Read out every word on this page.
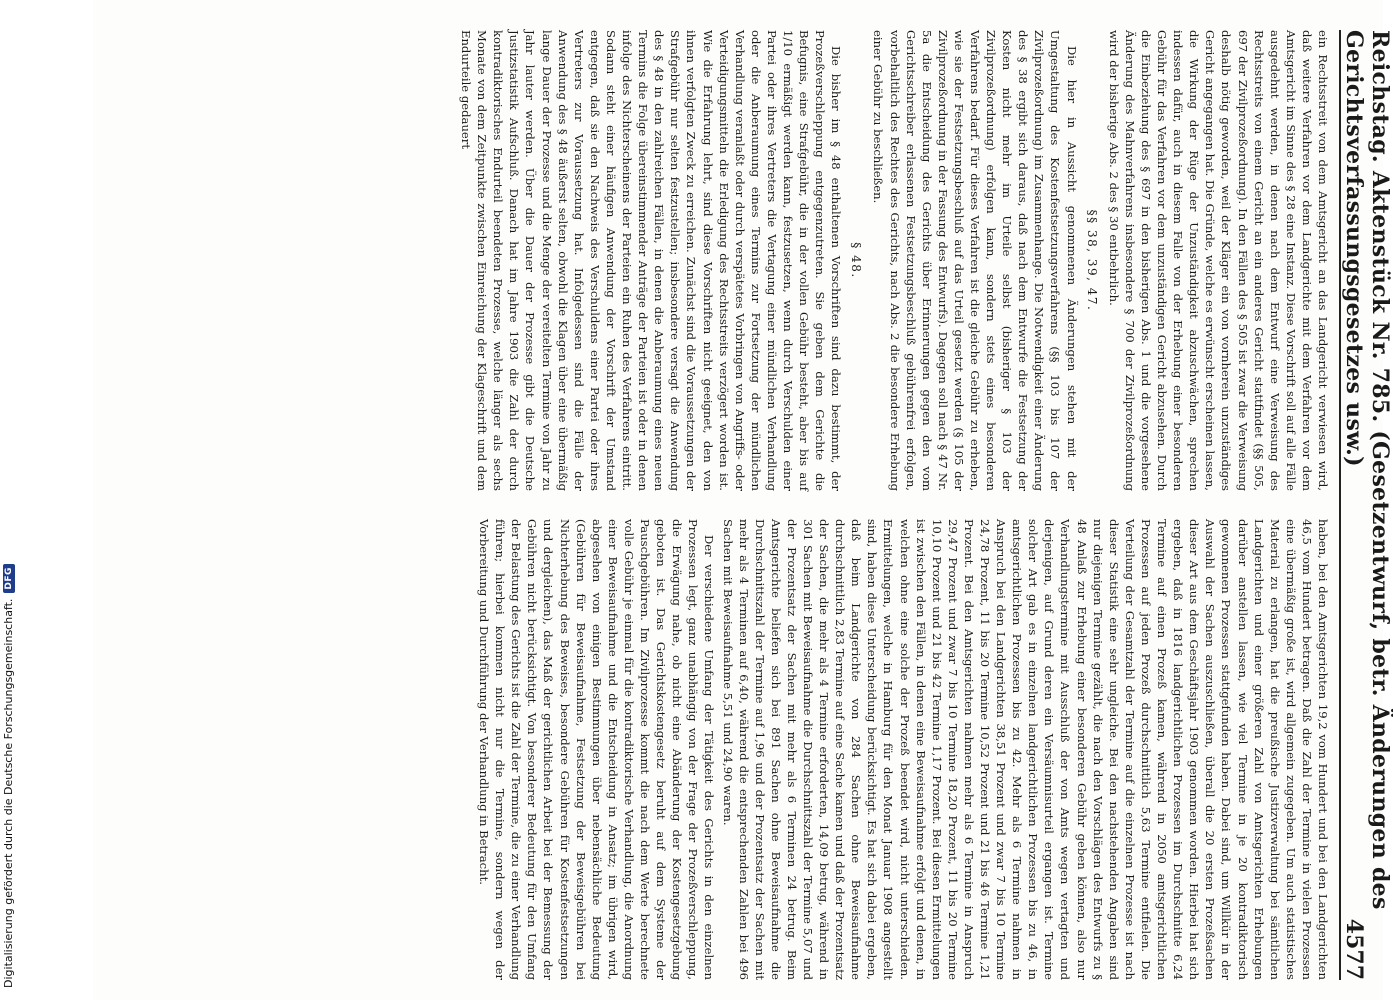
Reichstag. Aktenstück Nr. 785. (Gesetzentwurf, betr. Änderungen des Gerichtsverfassungsgesetzes usw.)
4577

ein Rechtsstreit von dem Amtsgericht an das Landgericht verwiesen wird, daß weitere Verfahren vor dem Landgerichte mit dem Verfahren vor dem Amtsgericht im Sinne des § 28 eine Instanz. Diese Vorschrift soll auf alle Fälle ausgedehnt werden, in denen nach dem Entwurf eine Verweisung des Rechtsstreits von einem Gericht an ein anderes Gericht stattfindet (§§ 505, 697 der Zivilprozeßordnung). In den Fällen des § 505 ist zwar die Verweisung deshalb nötig geworden, weil der Kläger ein von vornherein unzuständiges Gericht angegangen hat. Die Gründe, welche es erwünscht erscheinen lassen, die Wirkung der Rüge der Unzuständigkeit abzuschwächen, sprechen indessen dafür, auch in diesem Falle von der Erhebung einer besonderen Gebühr für das Verfahren vor dem unzuständigen Gericht abzusehen. Durch die Einbeziehung des § 697 in den bisherigen Abs. 1 und die vorgesehene Änderung des Mahnverfahrens insbesondere § 700 der Zivilprozeßordnung wird der bisherige Abs. 2 des § 30 entbehrlich.

§§ 38, 39, 47.

Die hier in Aussicht genommenen Änderungen stehen mit der Umgestaltung des Kostenfestsetzungsverfahrens (§§ 103 bis 107 der Zivilprozeßordnung) im Zusammenhange. Die Notwendigkeit einer Änderung des § 38 ergibt sich daraus, daß nach dem Entwurfe die Festsetzung der Kosten nicht mehr im Urteile selbst (bisheriger § 103 der Zivilprozeßordnung) erfolgen kann, sondern stets eines besonderen Verfahrens bedarf. Für dieses Verfahren ist die gleiche Gebühr zu erheben, wie sie der Festsetzungsbeschluß auf das Urteil gesetzt werden (§ 105 der Zivilprozeßordnung in der Fassung des Entwurfs). Dagegen soll nach § 47 Nr. 5a die Entscheidung des Gerichts über Erinnerungen gegen den vom Gerichtsschreiber erlassenen Festsetzungsbeschluß gebührenfrei erfolgen, vorbehaltlich des Rechtes des Gerichts, nach Abs. 2 die besondere Erhebung einer Gebühr zu beschließen.

§ 48.

Die bisher im § 48 enthaltenen Vorschriften sind dazu bestimmt, der Prozeßverschleppung entgegenzutreten. Sie geben dem Gerichte die Befugnis, eine Strafgebühr, die in der vollen Gebühr besteht, aber bis auf 1/10 ermäßigt werden kann, festzusetzen, wenn durch Verschulden einer Partei oder ihres Vertreters die Vertagung einer mündlichen Verhandlung oder die Anberaumung eines Termins zur Fortsetzung der mündlichen Verhandlung veranlaßt oder durch verspätetes Vorbringen von Angriffs- oder Verteidigungsmitteln die Erledigung des Rechtsstreits verzögert worden ist. Wie die Erfahrung lehrt, sind diese Vorschriften nicht geeignet, den von ihnen verfolgten Zweck zu erreichen. Zunächst sind die Voraussetzungen der Strafgebühr nur selten festzustellen; insbesondere versagt die Anwendung des § 48 in den zahlreichen Fällen, in denen die Anberaumung eines neuen Termins die Folge übereinstimmender Anträge der Parteien ist oder in denen infolge des Nichterscheinens der Parteien ein Ruhen des Verfahrens eintritt. Sodann steht einer häufigen Anwendung der Vorschrift der Umstand entgegen, daß sie den Nachweis des Verschuldens einer Partei oder ihres Vertreters zur Voraussetzung hat. Infolgedessen sind die Fälle der Anwendung des § 48 äußerst selten, obwohl die Klagen über eine übermäßig lange Dauer der Prozesse und die Menge der vereitelten Termine von Jahr zu Jahr lauter werden. Über die Dauer der Prozesse gibt die Deutsche Justizstatistik Aufschluß. Danach hat im Jahre 1903 die Zahl der durch kontradiktorisches Endurteil beendeten Prozesse, welche länger als sechs Monate von dem Zeitpunkte zwischen Einreichung der Klageschrift und dem Endurteile gedauert

haben, bei den Amtsgerichten 19,2 vom Hundert und bei den Landgerichten 46,5 vom Hundert betragen. Daß die Zahl der Termine in vielen Prozessen eine übermäßig große ist, wird allgemein zugegeben. Um auch statistisches Material zu erlangen, hat die preußische Justizverwaltung bei sämtlichen Landgerichten und einer größeren Zahl von Amtsgerichten Erhebungen darüber anstellen lassen, wie viel Termine in je 20 kontradiktorisch gewonnenen Prozessen stattgefunden haben. Dabei sind, um Willkür in der Auswahl der Sachen auszuschließen, überall die 20 ersten Prozeßsachen dieser Art aus dem Geschäftsjahr 1903 genommen worden. Hierbei hat sich ergeben, daß in 1816 landgerichtlichen Prozessen im Durchschnitte 6,24 Termine auf einen Prozeß kamen, während in 2050 amtsgerichtlichen Prozessen auf jeden Prozeß durchschnittlich 5,63 Termine entfielen. Die Verteilung der Gesamtzahl der Termine auf die einzelnen Prozesse ist nach dieser Statistik eine sehr ungleiche. Bei den nachstehenden Angaben sind nur diejenigen Termine gezählt, die nach den Vorschlägen des Entwurfs zu § 48 Anlaß zur Erhebung einer besonderen Gebühr geben können, also nur Verhandlungstermine mit Ausschluß der von Amts wegen vertagten und derjenigen, auf Grund deren ein Versäumnisurteil ergangen ist. Termine solcher Art gab es in einzelnen landgerichtlichen Prozessen bis zu 46, in amtsgerichtlichen Prozessen bis zu 42. Mehr als 6 Termine nahmen in Anspruch bei den Landgerichten 38,51 Prozent und zwar 7 bis 10 Termine 24,78 Prozent, 11 bis 20 Termine 10,52 Prozent und 21 bis 46 Termine 1,21 Prozent. Bei den Amtsgerichten nahmen mehr als 6 Termine in Anspruch 29,47 Prozent und zwar 7 bis 10 Termine 18,20 Prozent, 11 bis 20 Termine 10,10 Prozent und 21 bis 42 Termine 1,17 Prozent. Bei diesen Ermittelungen ist zwischen den Fällen, in denen eine Beweisaufnahme erfolgt und denen, in welchen ohne eine solche der Prozeß beendet wird, nicht unterschieden. Ermittelungen, welche in Hamburg für den Monat Januar 1908 angestellt sind, haben diese Unterscheidung berücksichtigt. Es hat sich dabei ergeben, daß beim Landgerichte von 284 Sachen ohne Beweisaufnahme durchschnittlich 2,83 Termine auf eine Sache kamen und daß der Prozentsatz der Sachen, die mehr als 4 Termine erforderten, 14,09 betrug, während in 301 Sachen mit Beweisaufnahme die Durchschnittszahl der Termine 5,07 und der Prozentsatz der Sachen mit mehr als 6 Terminen 24 betrug. Beim Amtsgerichte beliefen sich bei 891 Sachen ohne Beweisaufnahme die Durchschnittszahl der Termine auf 1,96 und der Prozentsatz der Sachen mit mehr als 4 Terminen auf 6,40, während die entsprechenden Zahlen bei 496 Sachen mit Beweisaufnahme 5,51 und 24,90 waren.

Der verschiedene Umfang der Tätigkeit des Gerichts in den einzelnen Prozessen legt, ganz unabhängig von der Frage der Prozeßverschleppung, die Erwägung nahe, ob nicht eine Abänderung der Kostengesetzgebung geboten ist. Das Gerichtskostengesetz beruht auf dem Systeme der Pauschgebühren. Im Zivilprozesse kommt die nach dem Werte berechnete volle Gebühr je einmal für die kontradiktorische Verhandlung, die Anordnung einer Beweisaufnahme und die Entscheidung in Ansatz; im übrigen wird, abgesehen von einigen Bestimmungen über nebensächliche Bedeutung (Gebühren für Beweisaufnahme, Festsetzung der Beweisgebühren bei Nichterhebung des Beweises, besondere Gebühren für Kostenfestsetzungen und dergleichen), das Maß der gerichtlichen Arbeit bei der Bemessung der Gebühren nicht berücksichtigt. Von besonderer Bedeutung für den Umfang der Belastung des Gerichts ist die Zahl der Termine, die zu einer Verhandlung führen; hierbei kommen nicht nur die Termine, sondern wegen der Vorbereitung und Durchführung der Verhandlung in Betracht.

Digitalisierung gefördert durch die Deutsche Forschungsgemeinschaft.
DFG
